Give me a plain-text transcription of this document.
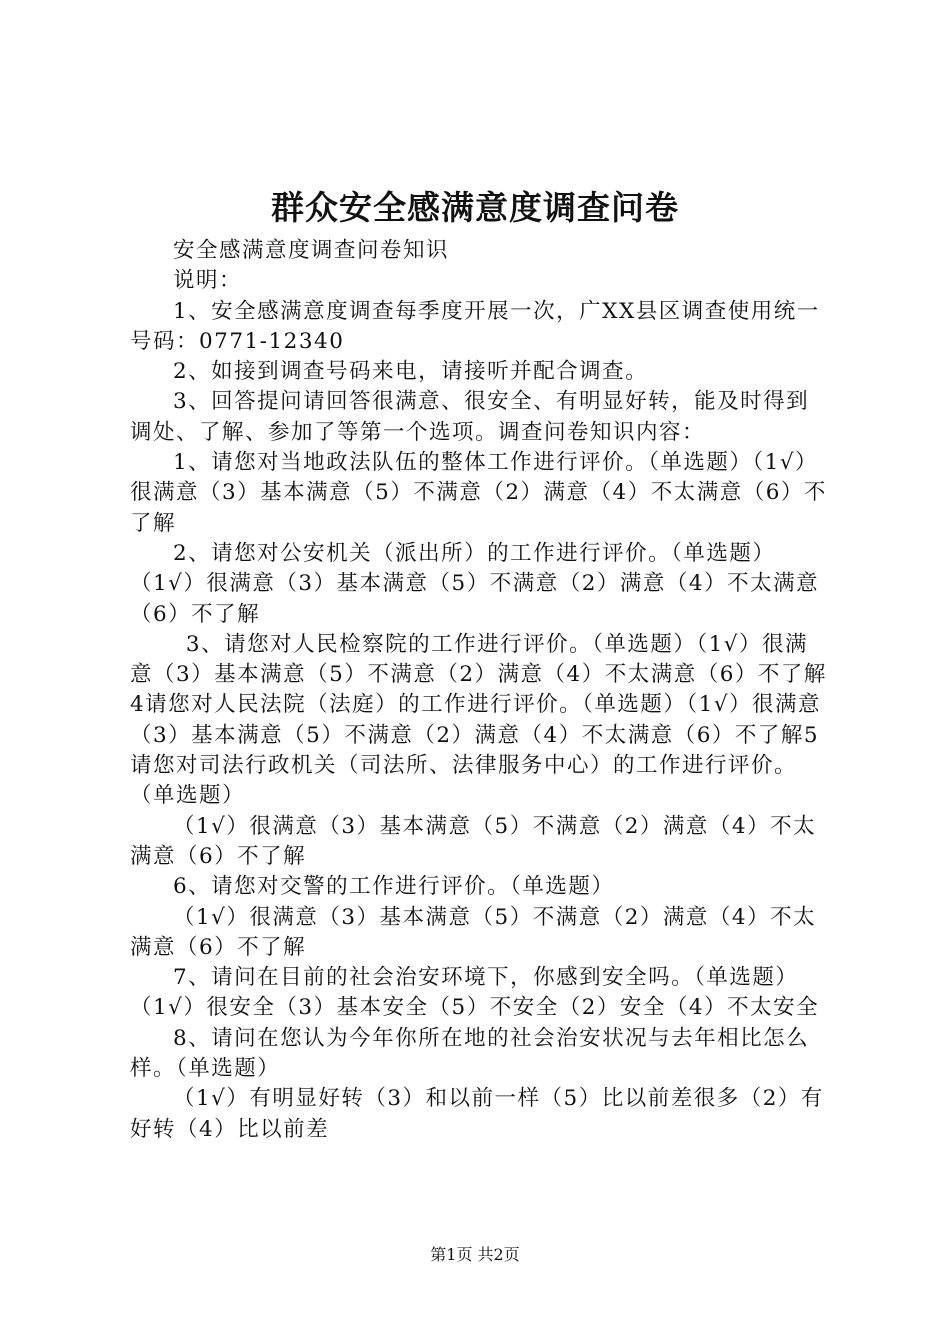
群众安全感满意度调查问卷

安全感满意度调查问卷知识

说明：

1、安全感满意度调查每季度开展一次，广XX县区调查使用统一号码：0771-12340

2、如接到调查号码来电，请接听并配合调查。

3、回答提问请回答很满意、很安全、有明显好转，能及时得到调处、了解、参加了等第一个选项。调查问卷知识内容：

1、请您对当地政法队伍的整体工作进行评价。（单选题）（1√）很满意（3）基本满意（5）不满意（2）满意（4）不太满意（6）不了解

2、请您对公安机关（派出所）的工作进行评价。（单选题）（1√）很满意（3）基本满意（5）不满意（2）满意（4）不太满意（6）不了解

3、请您对人民检察院的工作进行评价。（单选题）（1√）很满意（3）基本满意（5）不满意（2）满意（4）不太满意（6）不了解4请您对人民法院（法庭）的工作进行评价。（单选题）（1√）很满意（3）基本满意（5）不满意（2）满意（4）不太满意（6）不了解5请您对司法行政机关（司法所、法律服务中心）的工作进行评价。（单选题）

（1√）很满意（3）基本满意（5）不满意（2）满意（4）不太满意（6）不了解

6、请您对交警的工作进行评价。（单选题）

（1√）很满意（3）基本满意（5）不满意（2）满意（4）不太满意（6）不了解

7、请问在目前的社会治安环境下，你感到安全吗。（单选题）（1√）很安全（3）基本安全（5）不安全（2）安全（4）不太安全

8、请问在您认为今年你所在地的社会治安状况与去年相比怎么样。（单选题）

（1√）有明显好转（3）和以前一样（5）比以前差很多（2）有好转（4）比以前差

第1页 共2页
